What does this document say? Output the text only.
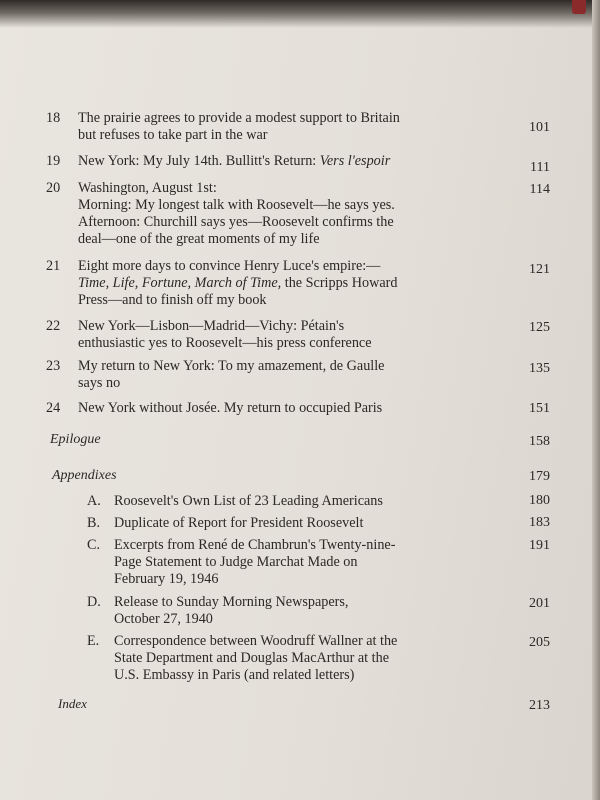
18	The prairie agrees to provide a modest support to Britain
but refuses to take part in the war	101
19	New York: My July 14th. Bullitt's Return: Vers l'espoir	111
20	Washington, August 1st:
Morning: My longest talk with Roosevelt—he says yes.
Afternoon: Churchill says yes—Roosevelt confirms the
deal—one of the great moments of my life
114
21	Eight more days to convince Henry Luce's empire:—
Time, Life, Fortune, March of Time, the Scripps Howard
Press—and to finish off my book
121
22	New York—Lisbon—Madrid—Vichy: Pétain's
enthusiastic yes to Roosevelt—his press conference
125
23	My return to New York: To my amazement, de Gaulle
says no
135
24	New York without Josée. My return to occupied Paris	151
Epilogue	158
Appendixes	179
A. Roosevelt's Own List of 23 Leading Americans	180
B. Duplicate of Report for President Roosevelt	183
C. Excerpts from René de Chambrun's Twenty-nine-
Page Statement to Judge Marchat Made on
February 19, 1946
191
D. Release to Sunday Morning Newspapers,
October 27, 1940
201
E. Correspondence between Woodruff Wallner at the
State Department and Douglas MacArthur at the
U.S. Embassy in Paris (and related letters)
205
Index	213
